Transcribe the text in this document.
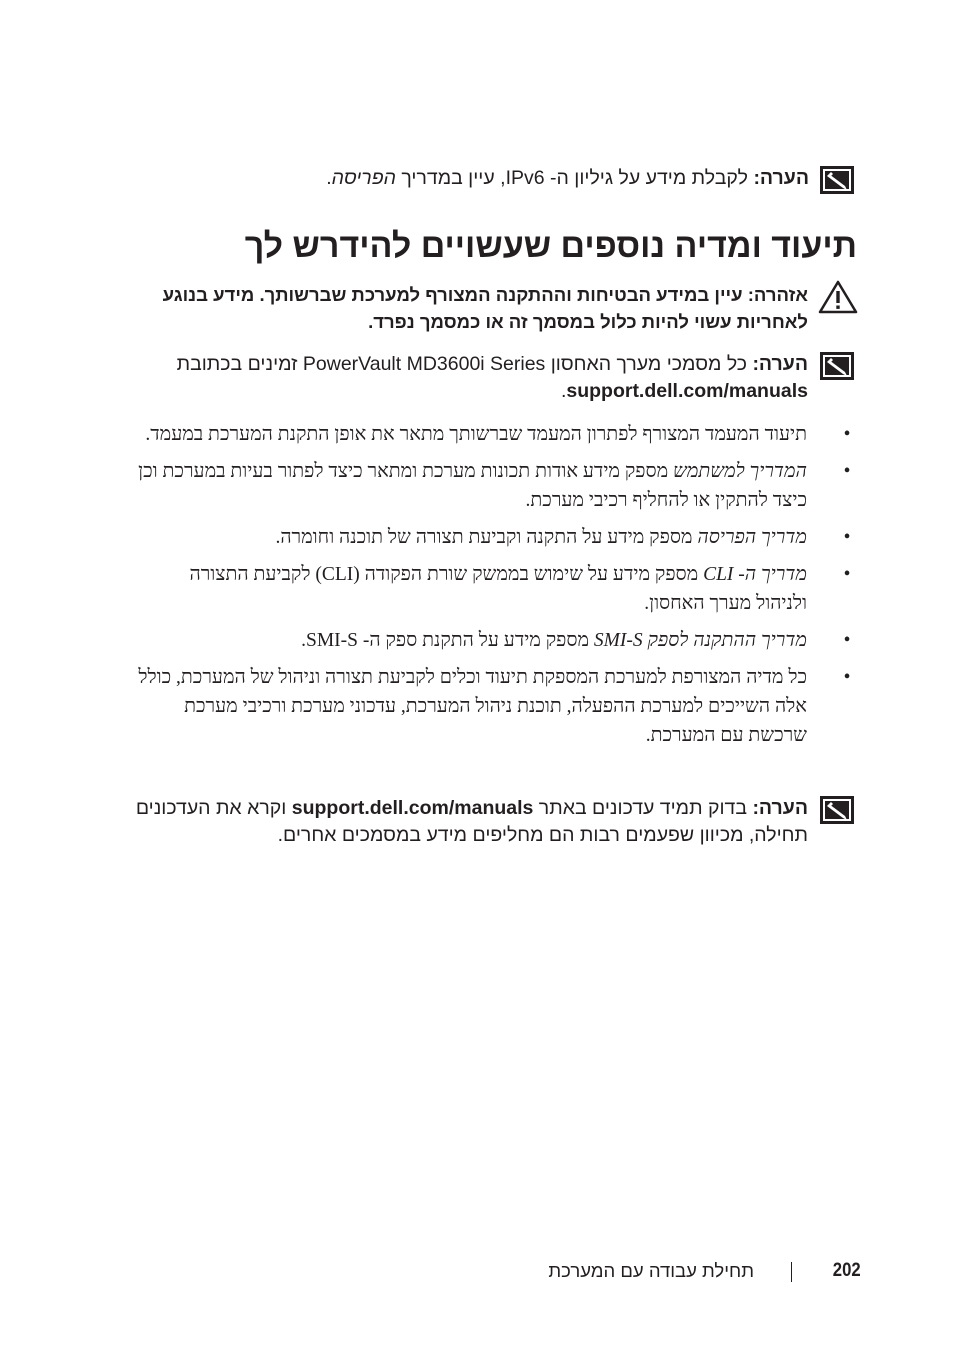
הערה: לקבלת מידע על גיליון ה- IPv6, עיין במדריך הפריסה.
תיעוד ומדיה נוספים שעשויים להידרש לך
אזהרה: עיין במידע הבטיחות וההתקנה המצורף למערכת שברשותך. מידע בנוגע לאחריות עשוי להיות כלול במסמך זה או כמסמך נפרד.
הערה: כל מסמכי מערך האחסון PowerVault MD3600i Series זמינים בכתובת support.dell.com/manuals.
•
תיעוד המעמד המצורף לפתרון המעמד שברשותך מתאר את אופן התקנת המערכת במעמד.
•
המדריך למשתמש מספק מידע אודות תכונות מערכת ומתאר כיצד לפתור בעיות במערכת וכן כיצד להתקין או להחליף רכיבי מערכת.
•
מדריך הפריסה מספק מידע על התקנה וקביעת תצורה של תוכנה וחומרה.
•
מדריך ה- CLI מספק מידע על שימוש בממשק שורת הפקודה (CLI) לקביעת התצורה ולניהול מערך האחסון.
•
מדריך ההתקנה לספק SMI-S מספק מידע על התקנת ספק ה- SMI-S.
•
כל מדיה המצורפת למערכת המספקת תיעוד וכלים לקביעת תצורה וניהול של המערכת, כולל אלה השייכים למערכת ההפעלה, תוכנת ניהול המערכת, עדכוני מערכת ורכיבי מערכת שרכשת עם המערכת.
הערה: בדוק תמיד עדכונים באתר support.dell.com/manuals וקרא את העדכונים תחילה, מכיוון שפעמים רבות הם מחליפים מידע במסמכים אחרים.
202
תחילת עבודה עם המערכת
